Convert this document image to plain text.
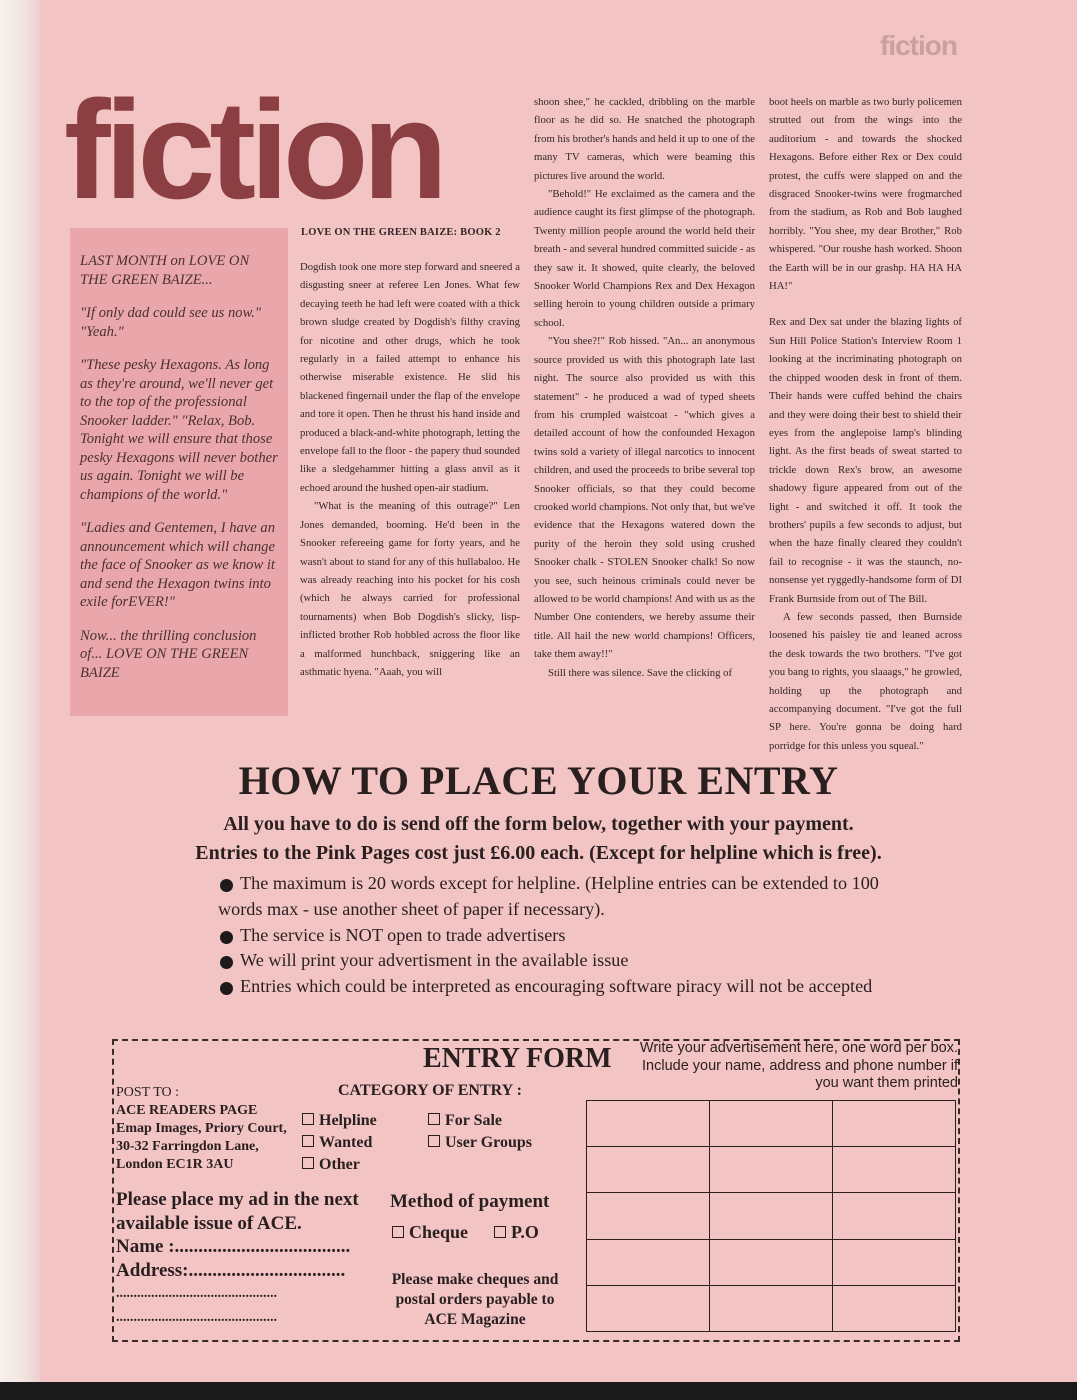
fiction
fiction

LAST MONTH on LOVE ON THE GREEN BAIZE...

"If only dad could see us now." "Yeah."

"These pesky Hexagons. As long as they're around, we'll never get to the top of the professional Snooker ladder." "Relax, Bob. Tonight we will ensure that those pesky Hexagons will never bother us again. Tonight we will be champions of the world."

"Ladies and Gentemen, I have an announcement which will change the face of Snooker as we know it and send the Hexagon twins into exile forEVER!"

Now... the thrilling conclusion of... LOVE ON THE GREEN BAIZE

LOVE ON THE GREEN BAIZE: BOOK 2

Dogdish took one more step forward and sneered a disgusting sneer at referee Len Jones. What few decaying teeth he had left were coated with a thick brown sludge created by Dogdish's filthy craving for nicotine and other drugs, which he took regularly in a failed attempt to enhance his otherwise miserable existence. He slid his blackened fingernail under the flap of the envelope and tore it open. Then he thrust his hand inside and produced a black-and-white photograph, letting the envelope fall to the floor - the papery thud sounded like a sledgehammer hitting a glass anvil as it echoed around the hushed open-air stadium.

"What is the meaning of this outrage?" Len Jones demanded, booming. He'd been in the Snooker refereeing game for forty years, and he wasn't about to stand for any of this hullabaloo. He was already reaching into his pocket for his cosh (which he always carried for professional tournaments) when Bob Dogdish's slicky, lisp-inflicted brother Rob hobbled across the floor like a malformed hunchback, sniggering like an asthmatic hyena. "Aaah, you will

shoon shee," he cackled, dribbling on the marble floor as he did so. He snatched the photograph from his brother's hands and held it up to one of the many TV cameras, which were beaming this pictures live around the world.

"Behold!" He exclaimed as the camera and the audience caught its first glimpse of the photograph. Twenty million people around the world held their breath - and several hundred committed suicide - as they saw it. It showed, quite clearly, the beloved Snooker World Champions Rex and Dex Hexagon selling heroin to young children outside a primary school.

"You shee?!" Rob hissed. "An... an anonymous source provided us with this photograph late last night. The source also provided us with this statement" - he produced a wad of typed sheets from his crumpled waistcoat - "which gives a detailed account of how the confounded Hexagon twins sold a variety of illegal narcotics to innocent children, and used the proceeds to bribe several top Snooker officials, so that they could become crooked world champions. Not only that, but we've evidence that the Hexagons watered down the purity of the heroin they sold using crushed Snooker chalk - STOLEN Snooker chalk! So now you see, such heinous criminals could never be allowed to be world champions! And with us as the Number One contenders, we hereby assume their title. All hail the new world champions! Officers, take them away!!"

Still there was silence. Save the clicking of

boot heels on marble as two burly policemen strutted out from the wings into the auditorium - and towards the shocked Hexagons. Before either Rex or Dex could protest, the cuffs were slapped on and the disgraced Snooker-twins were frogmarched from the stadium, as Rob and Bob laughed horribly. "You shee, my dear Brother," Rob whispered. "Our roushe hash worked. Shoon the Earth will be in our grashp. HA HA HA HA!"

Rex and Dex sat under the blazing lights of Sun Hill Police Station's Interview Room 1 looking at the incriminating photograph on the chipped wooden desk in front of them. Their hands were cuffed behind the chairs and they were doing their best to shield their eyes from the anglepoise lamp's blinding light. As the first beads of sweat started to trickle down Rex's brow, an awesome shadowy figure appeared from out of the light - and switched it off. It took the brothers' pupils a few seconds to adjust, but when the haze finally cleared they couldn't fail to recognise - it was the staunch, no-nonsense yet ryggedly-handsome form of DI Frank Burnside from out of The Bill.

A few seconds passed, then Burnside loosened his paisley tie and leaned across the desk towards the two brothers. "I've got you bang to rights, you slaaags," he growled, holding up the photograph and accompanying document. "I've got the full SP here. You're gonna be doing hard porridge for this unless you squeal."

HOW TO PLACE YOUR ENTRY
All you have to do is send off the form below, together with your payment.
Entries to the Pink Pages cost just £6.00 each. (Except for helpline which is free).
The maximum is 20 words except for helpline. (Helpline entries can be extended to 100
words max - use another sheet of paper if necessary).
The service is NOT open to trade advertisers
We will print your advertisment in the available issue
Entries which could be interpreted as encouraging software piracy will not be accepted
ENTRY FORM	Write your advertisement here, one word per box. Include your name, address and phone number if you want them printed
POST TO :
ACE READERS PAGE
Emap Images, Priory Court,
30-32 Farringdon Lane,
London EC1R 3AU
CATEGORY OF ENTRY :
Helpline
Wanted
Other
For Sale
User Groups
Please place my ad in the next
available issue of ACE.
Name :.....................................
Address:.................................
..............................................
..............................................
Method of payment
Cheque	P.O
Please make cheques and postal orders payable to ACE Magazine
